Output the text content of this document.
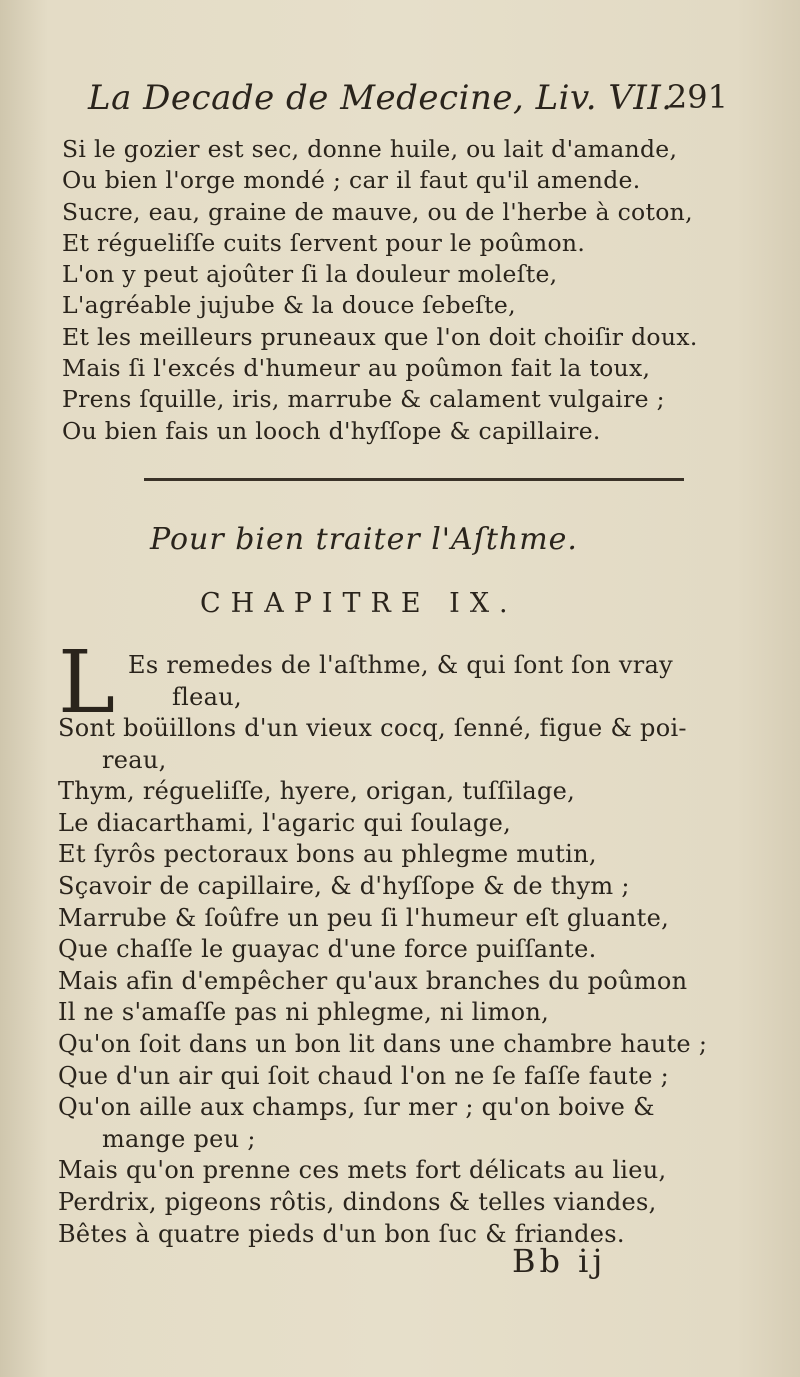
La Decade de Medecine, Liv. VII.
291
Si le gozier est sec, donne huile, ou lait d'amande,
Ou bien l'orge mondé ; car il faut qu'il amende.
Sucre, eau, graine de mauve, ou de l'herbe à coton,
Et régueliſſe cuits ſervent pour le poûmon.
L'on y peut ajoûter ſi la douleur moleſte,
L'agréable jujube & la douce ſebeſte,
Et les meilleurs pruneaux que l'on doit choiſir doux.
Mais ſi l'excés d'humeur au poûmon fait la toux,
Prens ſquille, iris, marrube & calament vulgaire ;
Ou bien fais un looch d'hyſſope & capillaire.
Pour bien traiter l'Aſthme.
CHAPITRE IX.
L Es remedes de l'aſthme, & qui ſont ſon vray
fleau,
Sont boüillons d'un vieux cocq, ſenné, figue & poi-
reau,
Thym, régueliſſe, hyere, origan, tuſſilage,
Le diacarthami, l'agaric qui ſoulage,
Et ſyrôs pectoraux bons au phlegme mutin,
Sçavoir de capillaire, & d'hyſſope & de thym ;
Marrube & ſoûfre un peu ſi l'humeur eſt gluante,
Que chaſſe le guayac d'une force puiſſante.
Mais afin d'empêcher qu'aux branches du poûmon
Il ne s'amaſſe pas ni phlegme, ni limon,
Qu'on ſoit dans un bon lit dans une chambre haute ;
Que d'un air qui ſoit chaud l'on ne ſe faſſe faute ;
Qu'on aille aux champs, ſur mer ; qu'on boive &
mange peu ;
Mais qu'on prenne ces mets fort délicats au lieu,
Perdrix, pigeons rôtis, dindons & telles viandes,
Bêtes à quatre pieds d'un bon ſuc & friandes.
Bb ij
